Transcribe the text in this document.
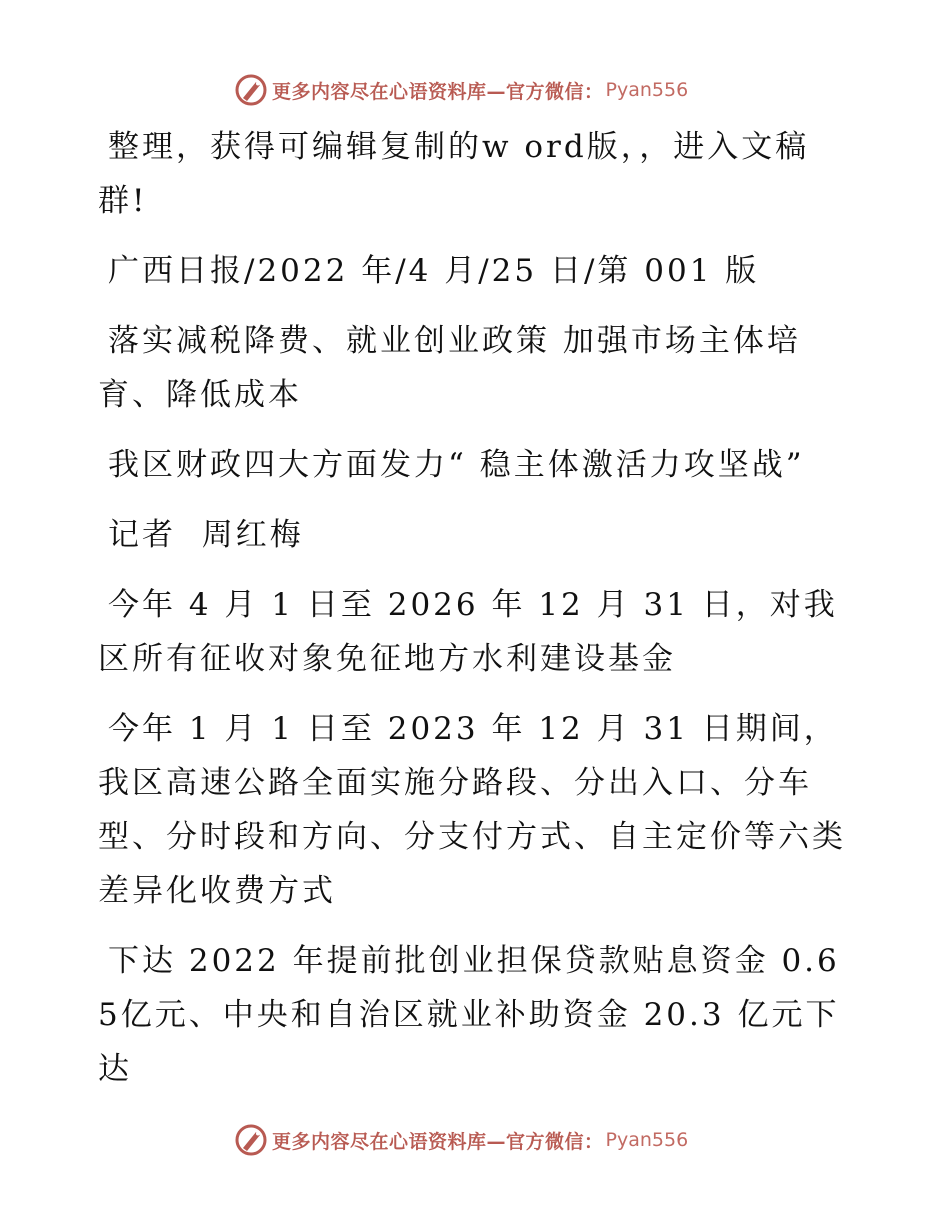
更多内容尽在心语资料库—官方微信： Pyan556

整理，获得可编辑复制的w ord版，，进入文稿群!

广西日报/2022 年/4 月/25 日/第 001 版

落实减税降费、就业创业政策 加强市场主体培育、降低成本

我区财政四大方面发力“ 稳主体激活力攻坚战”

记者  周红梅

今年 4 月 1 日至 2026 年 12 月 31 日，对我区所有征收对象免征地方水利建设基金

今年 1 月 1 日至 2023 年 12 月 31 日期间，我区高速公路全面实施分路段、分出入口、分车型、分时段和方向、分支付方式、自主定价等六类差异化收费方式

下达 2022 年提前批创业担保贷款贴息资金 0.65亿元、中央和自治区就业补助资金 20.3 亿元下达

更多内容尽在心语资料库—官方微信： Pyan556
